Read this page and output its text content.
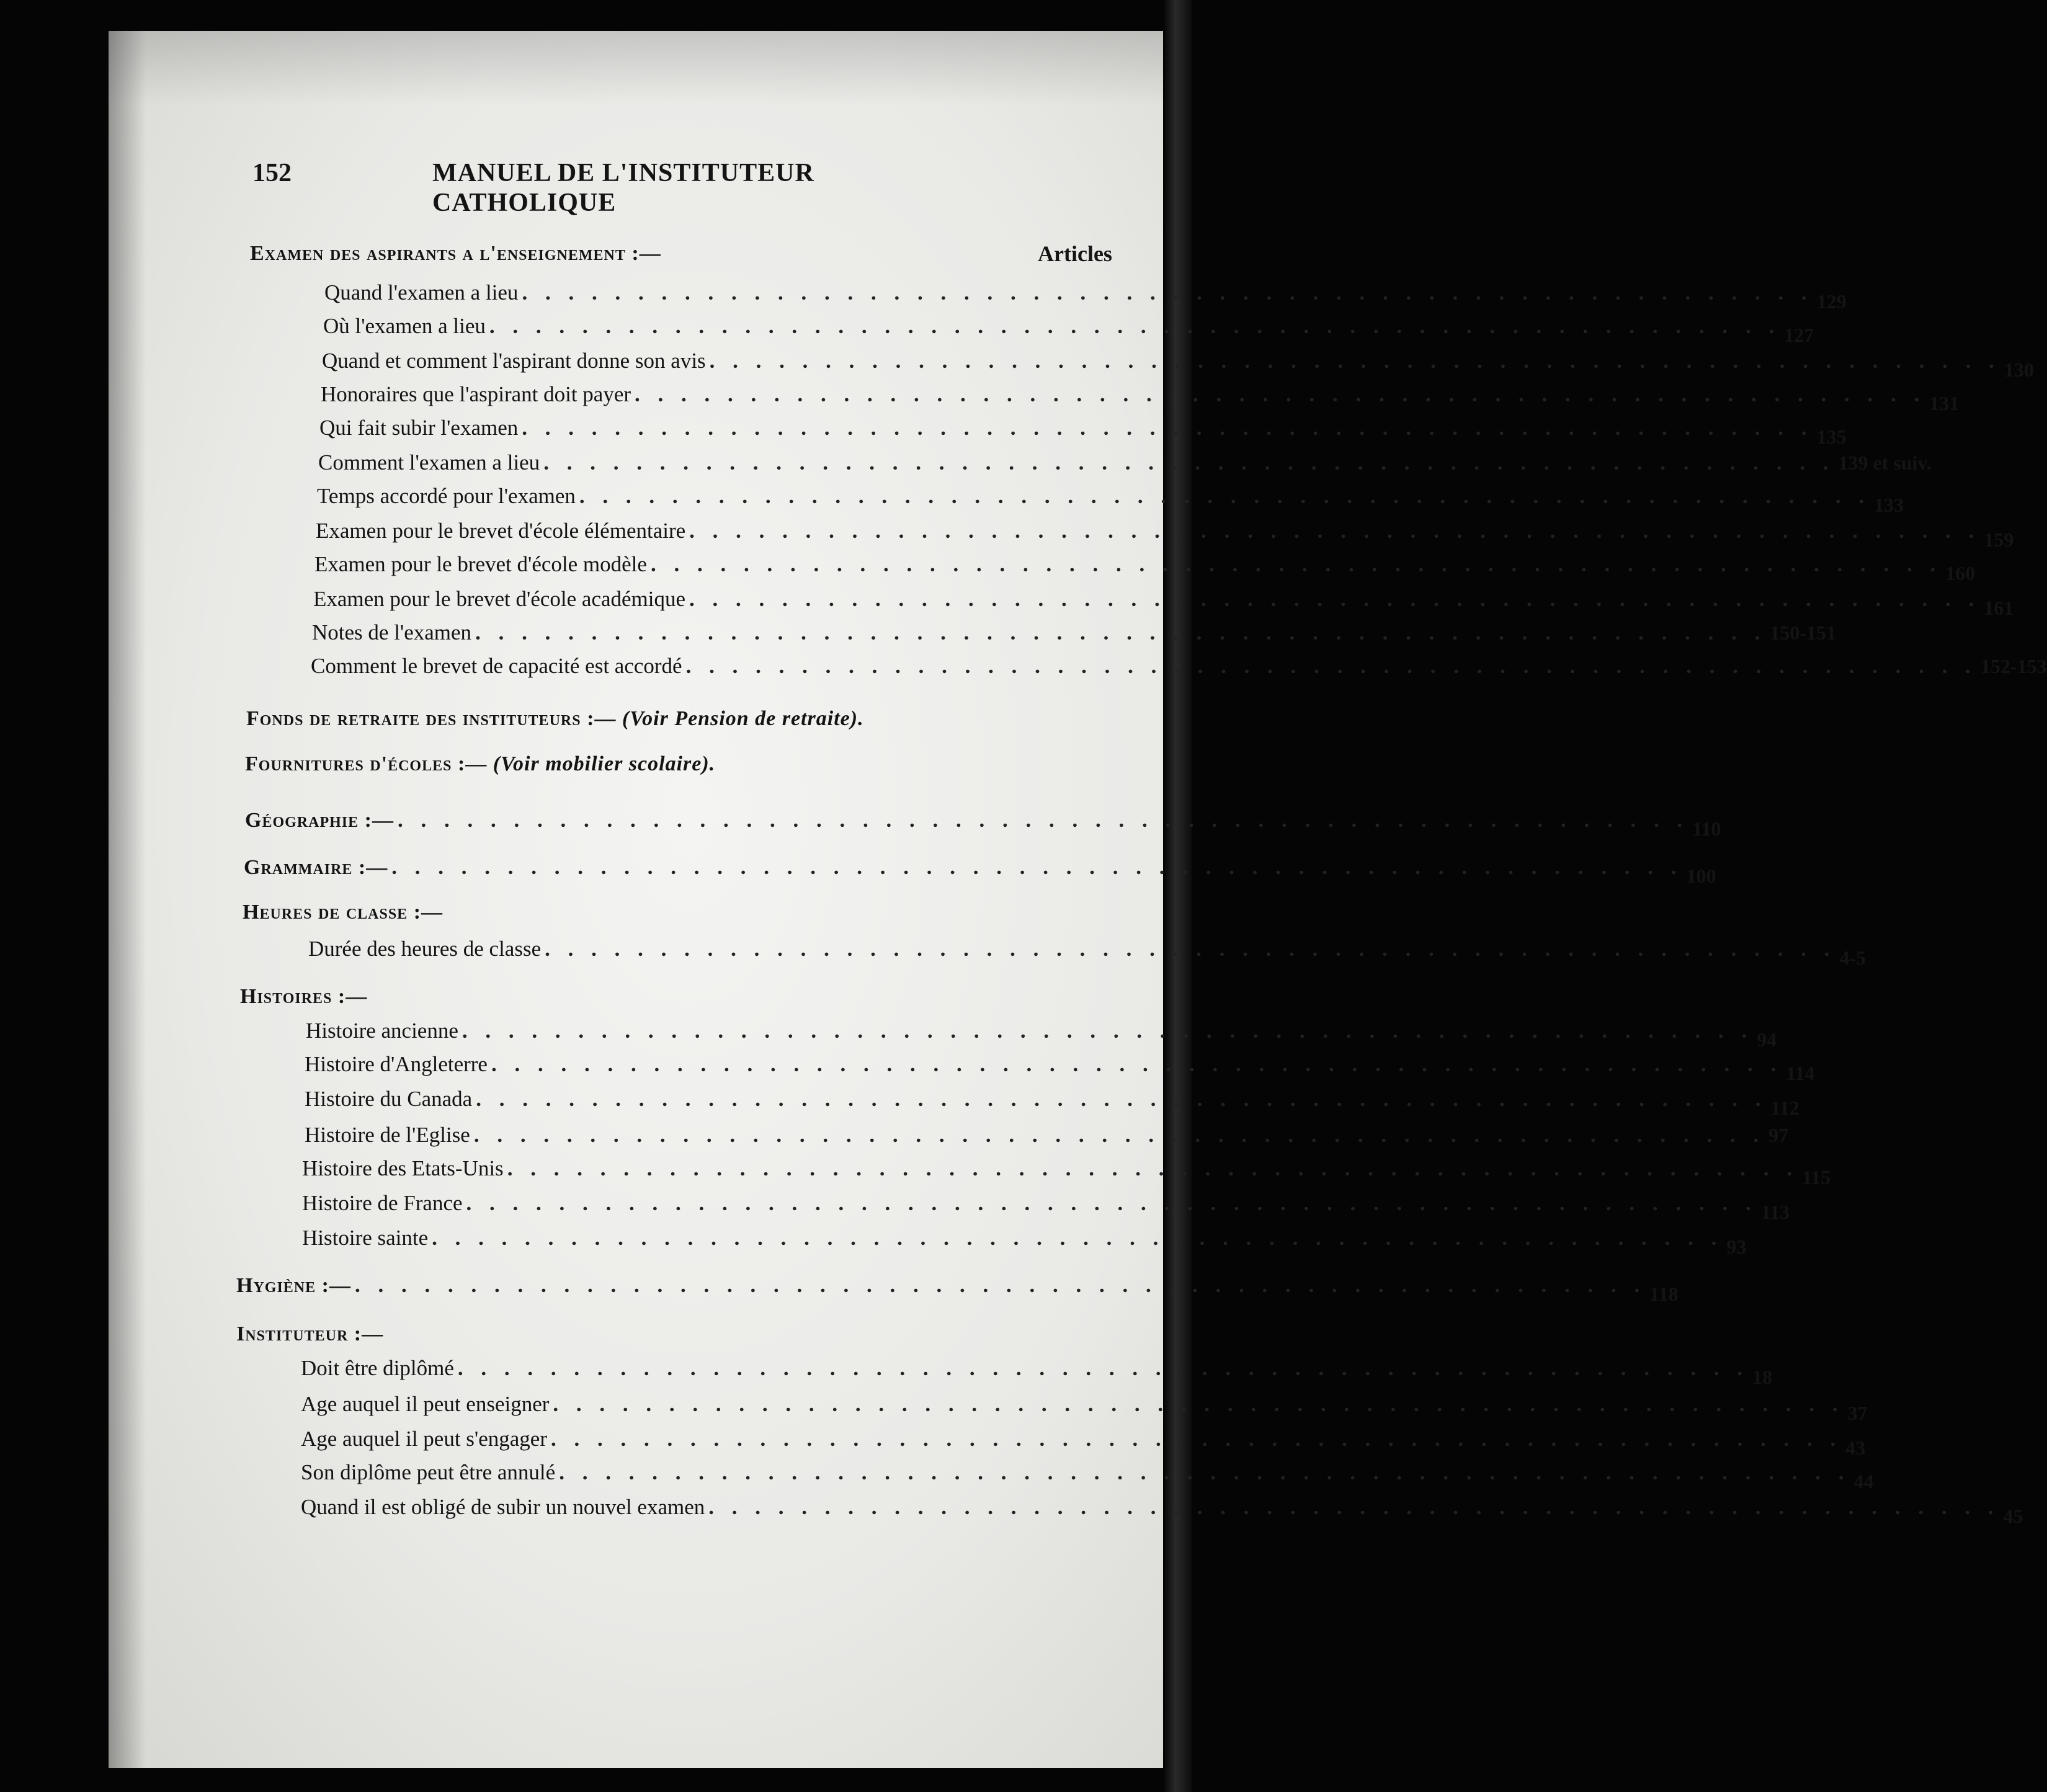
152	MANUEL DE L'INSTITUTEUR CATHOLIQUE
Examen des aspirants a l'enseignement :—	Articles
Quand l'examen a lieu . . . . . . . . . . . . . . . . . . . . . . . . . . . . . . . . . . . . . . . . . . . . . . . . . . . . . . . . 129
Où l'examen a lieu . . . . . . . . . . . . . . . . . . . . . . . . . . . . . . . . . . . . . . . . . . . . . . . . . . . . . . . . 127
Quand et comment l'aspirant donne son avis . . . . . . . . . . . . . . . . . . . . . . . . . . . . . . . . . . . . . . . . . . . . . . . . . . . . . . . . 130
Honoraires que l'aspirant doit payer . . . . . . . . . . . . . . . . . . . . . . . . . . . . . . . . . . . . . . . . . . . . . . . . . . . . . . . . 131
Qui fait subir l'examen . . . . . . . . . . . . . . . . . . . . . . . . . . . . . . . . . . . . . . . . . . . . . . . . . . . . . . . . 135
Comment l'examen a lieu . . . . . . . . . . . . . . . . . . . . . . . . . . . . . . . . . . . . . . . . . . . . . . . . . . . . . . . . 139 et suiv.
Temps accordé pour l'examen . . . . . . . . . . . . . . . . . . . . . . . . . . . . . . . . . . . . . . . . . . . . . . . . . . . . . . . . 133
Examen pour le brevet d'école élémentaire . . . . . . . . . . . . . . . . . . . . . . . . . . . . . . . . . . . . . . . . . . . . . . . . . . . . . . . . 159
Examen pour le brevet d'école modèle . . . . . . . . . . . . . . . . . . . . . . . . . . . . . . . . . . . . . . . . . . . . . . . . . . . . . . . . 160
Examen pour le brevet d'école académique . . . . . . . . . . . . . . . . . . . . . . . . . . . . . . . . . . . . . . . . . . . . . . . . . . . . . . . . 161
Notes de l'examen . . . . . . . . . . . . . . . . . . . . . . . . . . . . . . . . . . . . . . . . . . . . . . . . . . . . . . . . 150-151
Comment le brevet de capacité est accordé . . . . . . . . . . . . . . . . . . . . . . . . . . . . . . . . . . . . . . . . . . . . . . . . . . . . . . . . 152-153
Fonds de retraite des instituteurs :— (Voir Pension de retraite).
Fournitures d'écoles :— (Voir mobilier scolaire).
Géographie :— . . . . . . . . . . . . . . . . . . . . . . . . . . . . . . . . . . . . . . . . . . . . . . . . . . . . . . . . 110
Grammaire :— . . . . . . . . . . . . . . . . . . . . . . . . . . . . . . . . . . . . . . . . . . . . . . . . . . . . . . . . 100
Heures de classe :—
Durée des heures de classe . . . . . . . . . . . . . . . . . . . . . . . . . . . . . . . . . . . . . . . . . . . . . . . . . . . . . . . . 4-5
Histoires :—
Histoire ancienne . . . . . . . . . . . . . . . . . . . . . . . . . . . . . . . . . . . . . . . . . . . . . . . . . . . . . . . . 94
Histoire d'Angleterre . . . . . . . . . . . . . . . . . . . . . . . . . . . . . . . . . . . . . . . . . . . . . . . . . . . . . . . . 114
Histoire du Canada . . . . . . . . . . . . . . . . . . . . . . . . . . . . . . . . . . . . . . . . . . . . . . . . . . . . . . . . 112
Histoire de l'Eglise . . . . . . . . . . . . . . . . . . . . . . . . . . . . . . . . . . . . . . . . . . . . . . . . . . . . . . . . 97
Histoire des Etats-Unis . . . . . . . . . . . . . . . . . . . . . . . . . . . . . . . . . . . . . . . . . . . . . . . . . . . . . . . . 115
Histoire de France . . . . . . . . . . . . . . . . . . . . . . . . . . . . . . . . . . . . . . . . . . . . . . . . . . . . . . . . 113
Histoire sainte . . . . . . . . . . . . . . . . . . . . . . . . . . . . . . . . . . . . . . . . . . . . . . . . . . . . . . . . 93
Hygiène :— . . . . . . . . . . . . . . . . . . . . . . . . . . . . . . . . . . . . . . . . . . . . . . . . . . . . . . . . 118
Instituteur :—
Doit être diplômé . . . . . . . . . . . . . . . . . . . . . . . . . . . . . . . . . . . . . . . . . . . . . . . . . . . . . . . . 18
Age auquel il peut enseigner . . . . . . . . . . . . . . . . . . . . . . . . . . . . . . . . . . . . . . . . . . . . . . . . . . . . . . . . 37
Age auquel il peut s'engager . . . . . . . . . . . . . . . . . . . . . . . . . . . . . . . . . . . . . . . . . . . . . . . . . . . . . . . . 43
Son diplôme peut être annulé . . . . . . . . . . . . . . . . . . . . . . . . . . . . . . . . . . . . . . . . . . . . . . . . . . . . . . . . 44
Quand il est obligé de subir un nouvel examen . . . . . . . . . . . . . . . . . . . . . . . . . . . . . . . . . . . . . . . . . . . . . . . . . . . . . . . . 45
